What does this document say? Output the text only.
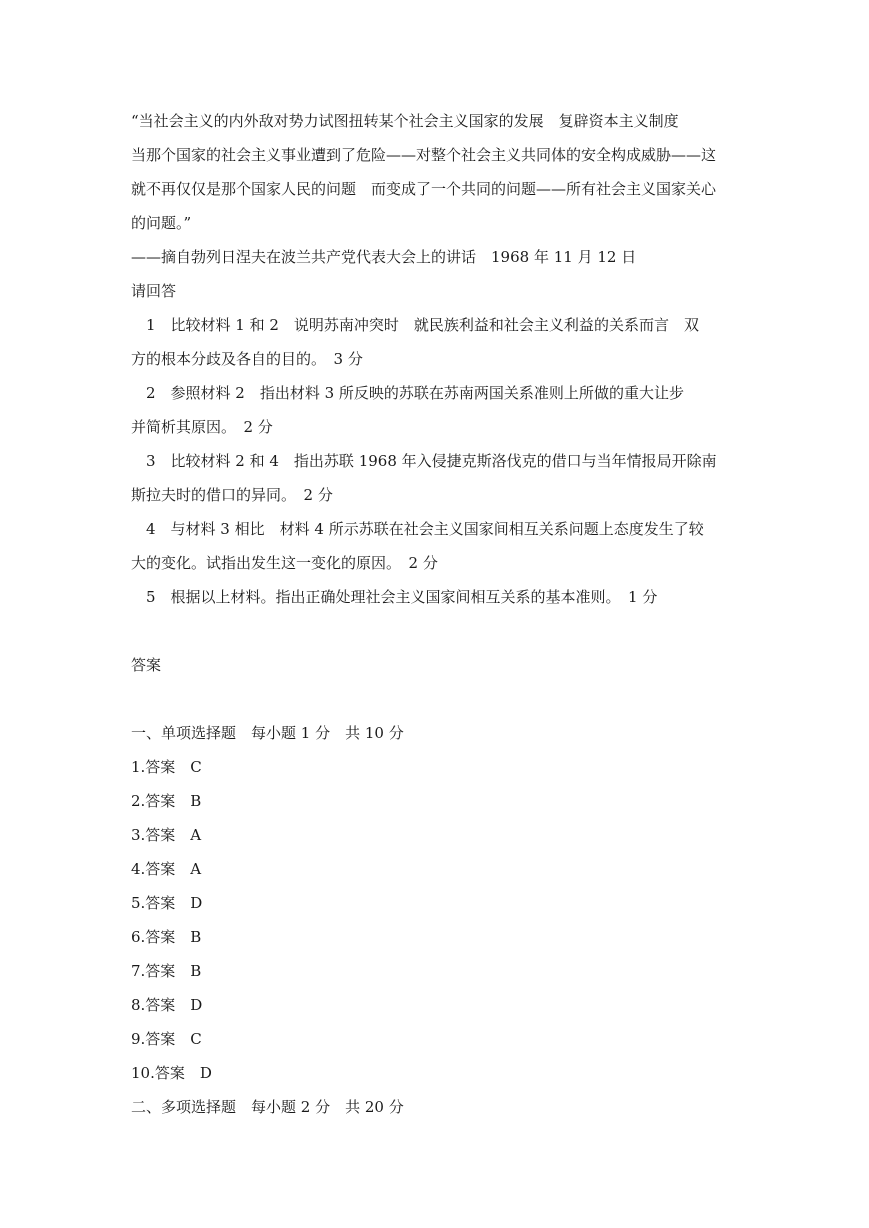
“当社会主义的内外敌对势力试图扭转某个社会主义国家的发展　复辟资本主义制度
当那个国家的社会主义事业遭到了危险——对整个社会主义共同体的安全构成威胁——这
就不再仅仅是那个国家人民的问题　而变成了一个共同的问题——所有社会主义国家关心
的问题。”
——摘自勃列日涅夫在波兰共产党代表大会上的讲话　1968 年 11 月 12 日
请回答
　1　比较材料 1 和 2　说明苏南冲突时　就民族利益和社会主义利益的关系而言　双
方的根本分歧及各自的目的。　3 分
　2　参照材料 2　指出材料 3 所反映的苏联在苏南两国关系准则上所做的重大让步
并简析其原因。　2 分
　3　比较材料 2 和 4　指出苏联 1968 年入侵捷克斯洛伐克的借口与当年情报局开除南
斯拉夫时的借口的异同。　2 分
　4　与材料 3 相比　材料 4 所示苏联在社会主义国家间相互关系问题上态度发生了较
大的变化。试指出发生这一变化的原因。　2 分
　5　根据以上材料。指出正确处理社会主义国家间相互关系的基本准则。　1 分
答案
一、单项选择题　每小题 1 分　共 10 分
1.答案　C
2.答案　B
3.答案　A
4.答案　A
5.答案　D
6.答案　B
7.答案　B
8.答案　D
9.答案　C
10.答案　D
二、多项选择题　每小题 2 分　共 20 分
